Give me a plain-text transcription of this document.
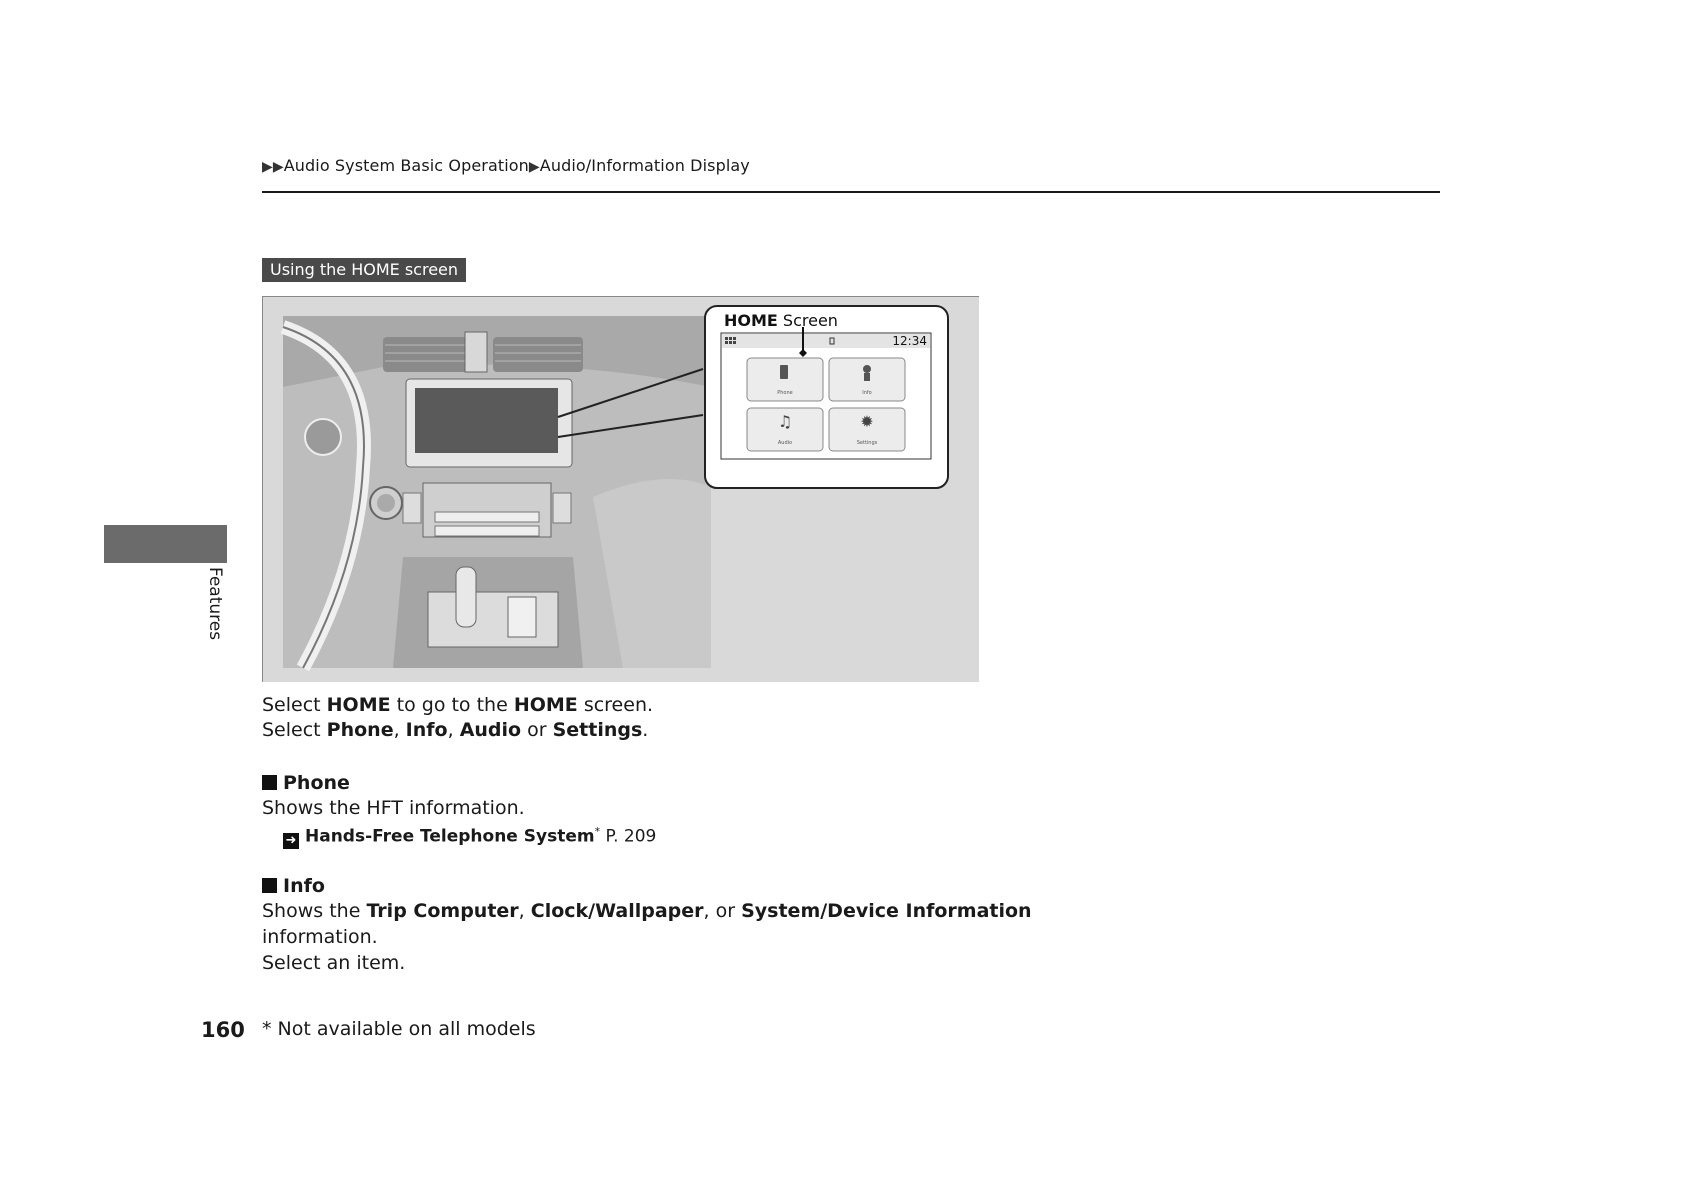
▶▶Audio System Basic Operation▶Audio/Information Display
Using the HOME screen
HOME Screen
12:34
Phone	Info
♫
Audio
✹
Settings
Features
Select HOME to go to the HOME screen.
Select Phone, Info, Audio or Settings.
Phone
Shows the HFT information.
➜ Hands-Free Telephone System* P. 209
Info
Shows the Trip Computer, Clock/Wallpaper, or System/Device Information
information.
Select an item.
160 * Not available on all models
